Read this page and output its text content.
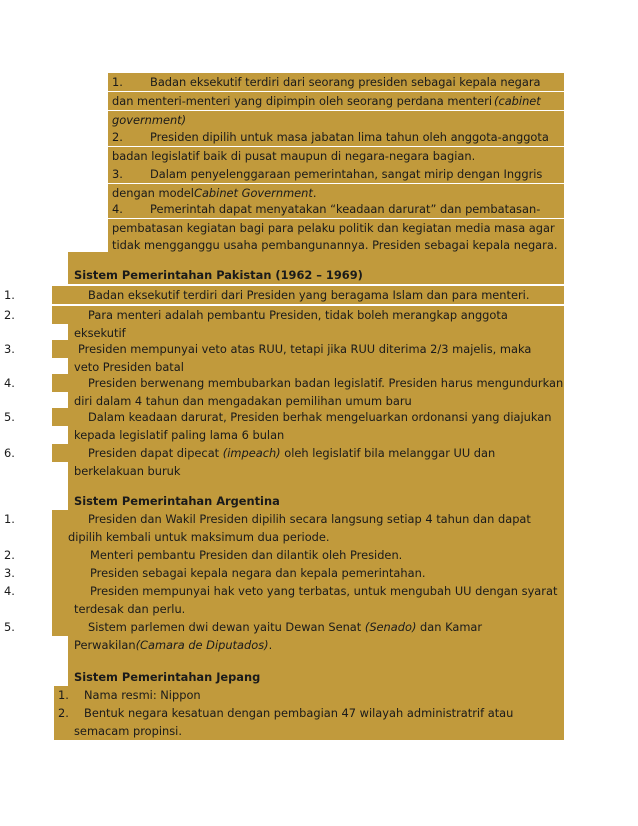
1. Badan eksekutif terdiri dari seorang presiden sebagai kepala negara
dan menteri-menteri yang dipimpin oleh seorang perdana menteri (cabinet
government)
2. Presiden dipilih untuk masa jabatan lima tahun oleh anggota-anggota
badan legislatif baik di pusat maupun di negara-negara bagian.
3. Dalam penyelenggaraan pemerintahan, sangat mirip dengan Inggris
dengan modelCabinet Government.
4. Pemerintah dapat menyatakan “keadaan darurat” dan pembatasan-
pembatasan kegiatan bagi para pelaku politik dan kegiatan media masa agar
tidak mengganggu usaha pembangunannya. Presiden sebagai kepala negara.
Sistem Pemerintahan Pakistan (1962 – 1969)
1.	Badan eksekutif terdiri dari Presiden yang beragama Islam dan para menteri.
2.	Para menteri adalah pembantu Presiden, tidak boleh merangkap anggota
eksekutif
3.	Presiden mempunyai veto atas RUU, tetapi jika RUU diterima 2/3 majelis, maka
veto Presiden batal
4.	Presiden berwenang membubarkan badan legislatif. Presiden harus mengundurkan
diri dalam 4 tahun dan mengadakan pemilihan umum baru
5.	Dalam keadaan darurat, Presiden berhak mengeluarkan ordonansi yang diajukan
kepada legislatif paling lama 6 bulan
6.	Presiden dapat dipecat (impeach) oleh legislatif bila melanggar UU dan
berkelakuan buruk
Sistem Pemerintahan Argentina
1.	Presiden dan Wakil Presiden dipilih secara langsung setiap 4 tahun dan dapat
dipilih kembali untuk maksimum dua periode.
2.	Menteri pembantu Presiden dan dilantik oleh Presiden.
3.	Presiden sebagai kepala negara dan kepala pemerintahan.
4.	Presiden mempunyai hak veto yang terbatas, untuk mengubah UU dengan syarat
terdesak dan perlu.
5.	Sistem parlemen dwi dewan yaitu Dewan Senat (Senado) dan Kamar
Perwakilan(Camara de Diputados).
Sistem Pemerintahan Jepang
1. Nama resmi: Nippon
2. Bentuk negara kesatuan dengan pembagian 47 wilayah administratrif atau
semacam propinsi.
